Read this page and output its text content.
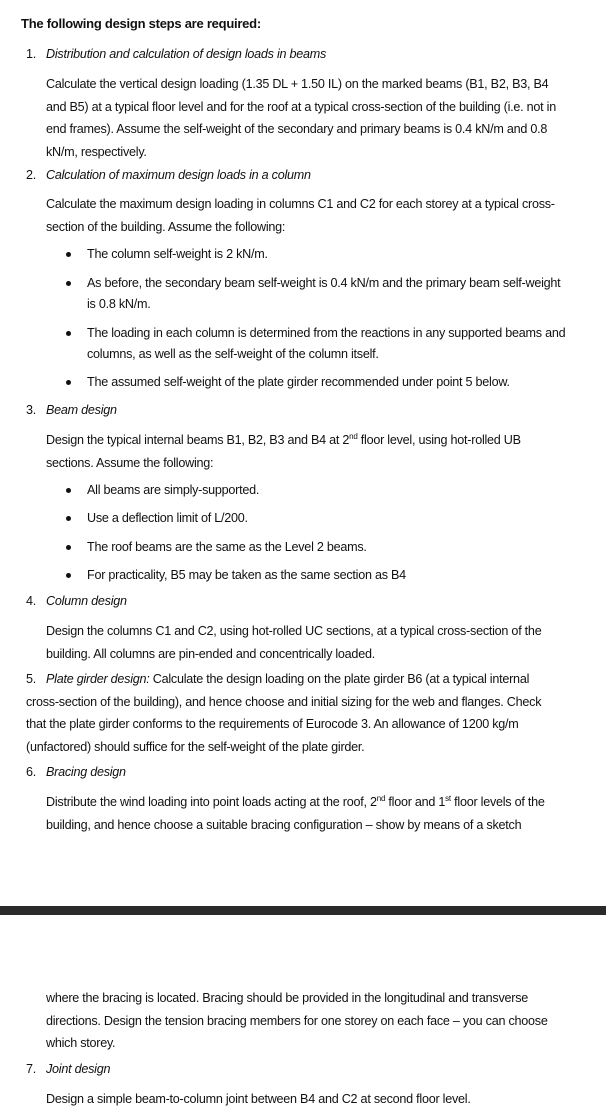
The following design steps are required:
1. Distribution and calculation of design loads in beams
Calculate the vertical design loading (1.35 DL + 1.50 IL) on the marked beams (B1, B2, B3, B4 and B5) at a typical floor level and for the roof at a typical cross-section of the building (i.e. not in end frames). Assume the self-weight of the secondary and primary beams is 0.4 kN/m and 0.8 kN/m, respectively.
2. Calculation of maximum design loads in a column
Calculate the maximum design loading in columns C1 and C2 for each storey at a typical cross-section of the building. Assume the following:
The column self-weight is 2 kN/m.
As before, the secondary beam self-weight is 0.4 kN/m and the primary beam self-weight is 0.8 kN/m.
The loading in each column is determined from the reactions in any supported beams and columns, as well as the self-weight of the column itself.
The assumed self-weight of the plate girder recommended under point 5 below.
3. Beam design
Design the typical internal beams B1, B2, B3 and B4 at 2nd floor level, using hot-rolled UB sections. Assume the following:
All beams are simply-supported.
Use a deflection limit of L/200.
The roof beams are the same as the Level 2 beams.
For practicality, B5 may be taken as the same section as B4
4. Column design
Design the columns C1 and C2, using hot-rolled UC sections, at a typical cross-section of the building. All columns are pin-ended and concentrically loaded.
5. Plate girder design: Calculate the design loading on the plate girder B6 (at a typical internal cross-section of the building), and hence choose and initial sizing for the web and flanges. Check that the plate girder conforms to the requirements of Eurocode 3. An allowance of 1200 kg/m (unfactored) should suffice for the self-weight of the plate girder.
6. Bracing design
Distribute the wind loading into point loads acting at the roof, 2nd floor and 1st floor levels of the building, and hence choose a suitable bracing configuration – show by means of a sketch
where the bracing is located. Bracing should be provided in the longitudinal and transverse directions. Design the tension bracing members for one storey on each face – you can choose which storey.
7. Joint design
Design a simple beam-to-column joint between B4 and C2 at second floor level.
